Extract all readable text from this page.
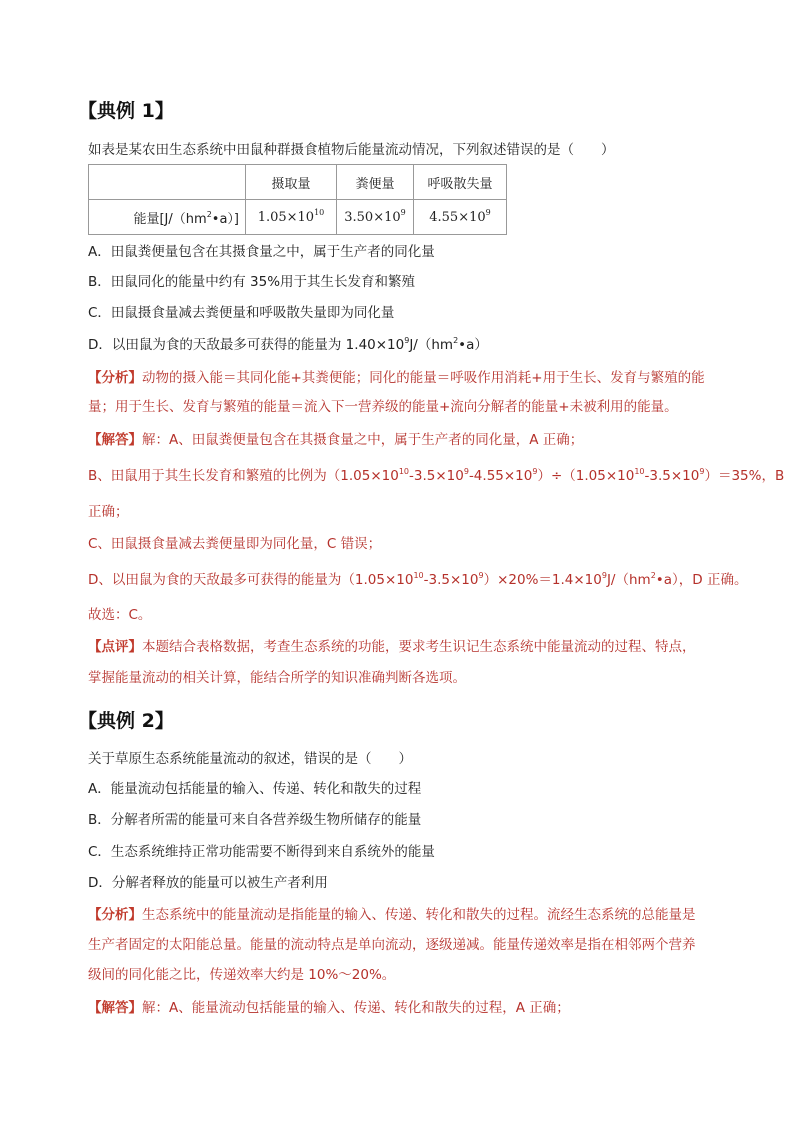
【典例 1】
如表是某农田生态系统中田鼠种群摄食植物后能量流动情况，下列叙述错误的是（　　）
	摄取量	粪便量	呼吸散失量
能量$[J/(hm^2•a)]$	$1.05\times 10^{10}$	$3.50\times 10^9$	$4.55\times 10^9$
A．田鼠粪便量包含在其摄食量之中，属于生产者的同化量
B．田鼠同化的能量中约有 35%用于其生长发育和繁殖
C．田鼠摄食量减去粪便量和呼吸散失量即为同化量
D．以田鼠为食的天敌最多可获得的能量为 $1.40\times 10^9J/(hm^2•a)$
【分析】动物的摄入能＝其同化能+其粪便能；同化的能量＝呼吸作用消耗+用于生长、发育与繁殖的能
量；用于生长、发育与繁殖的能量＝流入下一营养级的能量+流向分解者的能量+未被利用的能量。
【解答】解：A、田鼠粪便量包含在其摄食量之中，属于生产者的同化量，A 正确；
B、田鼠用于其生长发育和繁殖的比例为$(1.05\times 10^{10}-3.5\times 10^9-4.55\times 10^9)\div(1.05\times 10^{10}-3.5\times 10^9)=35\%$，B
正确；
C、田鼠摄食量减去粪便量即为同化量，C 错误；
D、以田鼠为食的天敌最多可获得的能量为$(1.05\times 10^{10}-3.5\times 10^9)\times 20\%=1.4\times 10^9J/(hm^2•a)$，D 正确。
故选：C。
【点评】本题结合表格数据，考查生态系统的功能，要求考生识记生态系统中能量流动的过程、特点，
掌握能量流动的相关计算，能结合所学的知识准确判断各选项。
【典例 2】
关于草原生态系统能量流动的叙述，错误的是（　　）
A．能量流动包括能量的输入、传递、转化和散失的过程
B．分解者所需的能量可来自各营养级生物所储存的能量
C．生态系统维持正常功能需要不断得到来自系统外的能量
D．分解者释放的能量可以被生产者利用
【分析】生态系统中的能量流动是指能量的输入、传递、转化和散失的过程。流经生态系统的总能量是
生产者固定的太阳能总量。能量的流动特点是单向流动，逐级递减。能量传递效率是指在相邻两个营养
级间的同化能之比，传递效率大约是 10%～20%。
【解答】解：A、能量流动包括能量的输入、传递、转化和散失的过程，A 正确；
